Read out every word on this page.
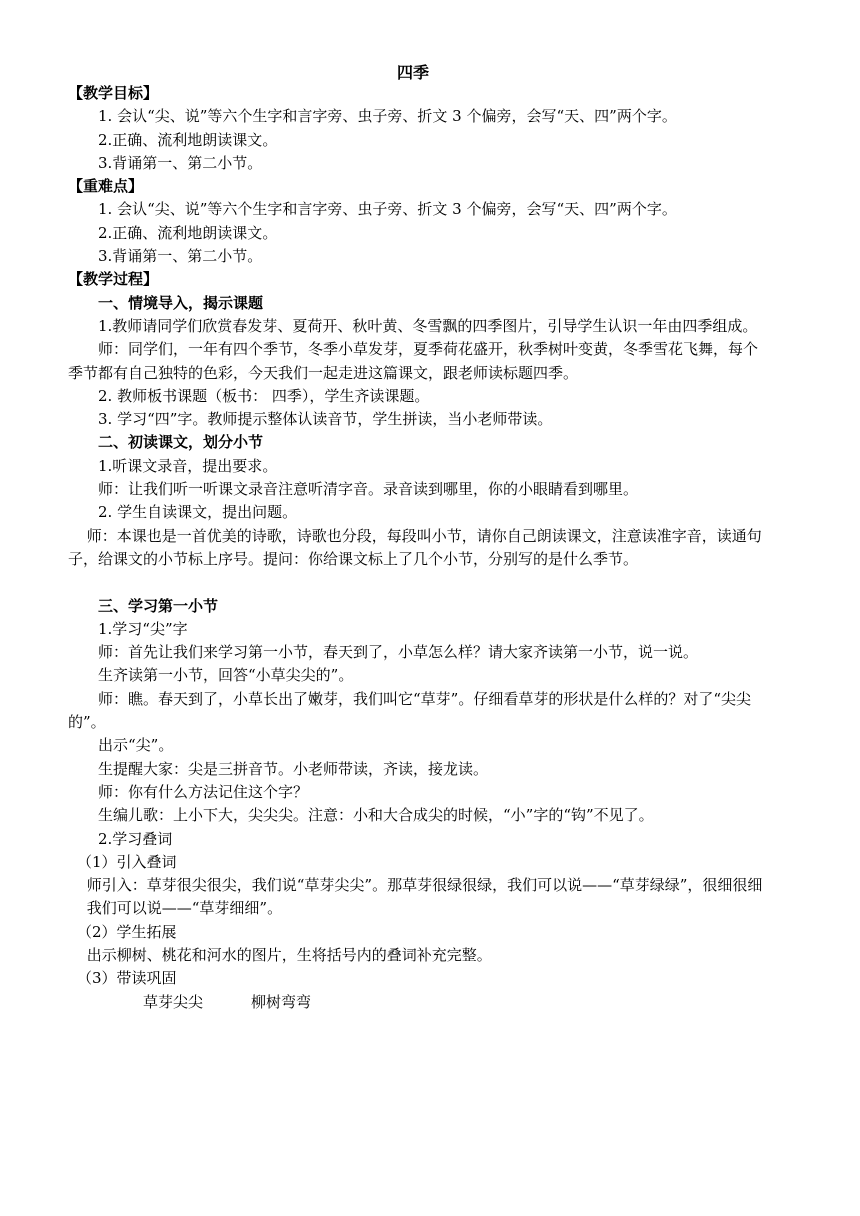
四季

【教学目标】

1. 会认“尖、说”等六个生字和言字旁、虫子旁、折文 3 个偏旁，会写“天、四”两个字。

2.正确、流利地朗读课文。

3.背诵第一、第二小节。

【重难点】

1. 会认“尖、说”等六个生字和言字旁、虫子旁、折文 3 个偏旁，会写“天、四”两个字。

2.正确、流利地朗读课文。

3.背诵第一、第二小节。

【教学过程】

一、情境导入，揭示课题

1.教师请同学们欣赏春发芽、夏荷开、秋叶黄、冬雪飘的四季图片，引导学生认识一年由四季组成。

师：同学们，一年有四个季节，冬季小草发芽，夏季荷花盛开，秋季树叶变黄，冬季雪花飞舞，每个季节都有自己独特的色彩，今天我们一起走进这篇课文，跟老师读标题四季。

2. 教师板书课题（板书： 四季），学生齐读课题。

3. 学习“四”字。教师提示整体认读音节，学生拼读，当小老师带读。

二、初读课文，划分小节

1.听课文录音，提出要求。

师：让我们听一听课文录音注意听清字音。录音读到哪里，你的小眼睛看到哪里。

2. 学生自读课文，提出问题。

师：本课也是一首优美的诗歌，诗歌也分段，每段叫小节，请你自己朗读课文，注意读准字音，读通句子，给课文的小节标上序号。提问：你给课文标上了几个小节，分别写的是什么季节。

三、学习第一小节

1.学习“尖”字

师：首先让我们来学习第一小节，春天到了，小草怎么样？请大家齐读第一小节，说一说。

生齐读第一小节，回答“小草尖尖的”。

师：瞧。春天到了，小草长出了嫩芽，我们叫它“草芽”。仔细看草芽的形状是什么样的？对了“尖尖的”。

出示“尖”。

生提醒大家：尖是三拼音节。小老师带读，齐读，接龙读。

师：你有什么方法记住这个字？

生编儿歌：上小下大，尖尖尖。注意：小和大合成尖的时候，“小”字的“钩”不见了。

2.学习叠词

（1）引入叠词

师引入：草芽很尖很尖，我们说“草芽尖尖”。那草芽很绿很绿，我们可以说——“草芽绿绿”，很细很细我们可以说——“草芽细细”。

（2）学生拓展

出示柳树、桃花和河水的图片，生将括号内的叠词补充完整。

（3）带读巩固

草芽尖尖	柳树弯弯
